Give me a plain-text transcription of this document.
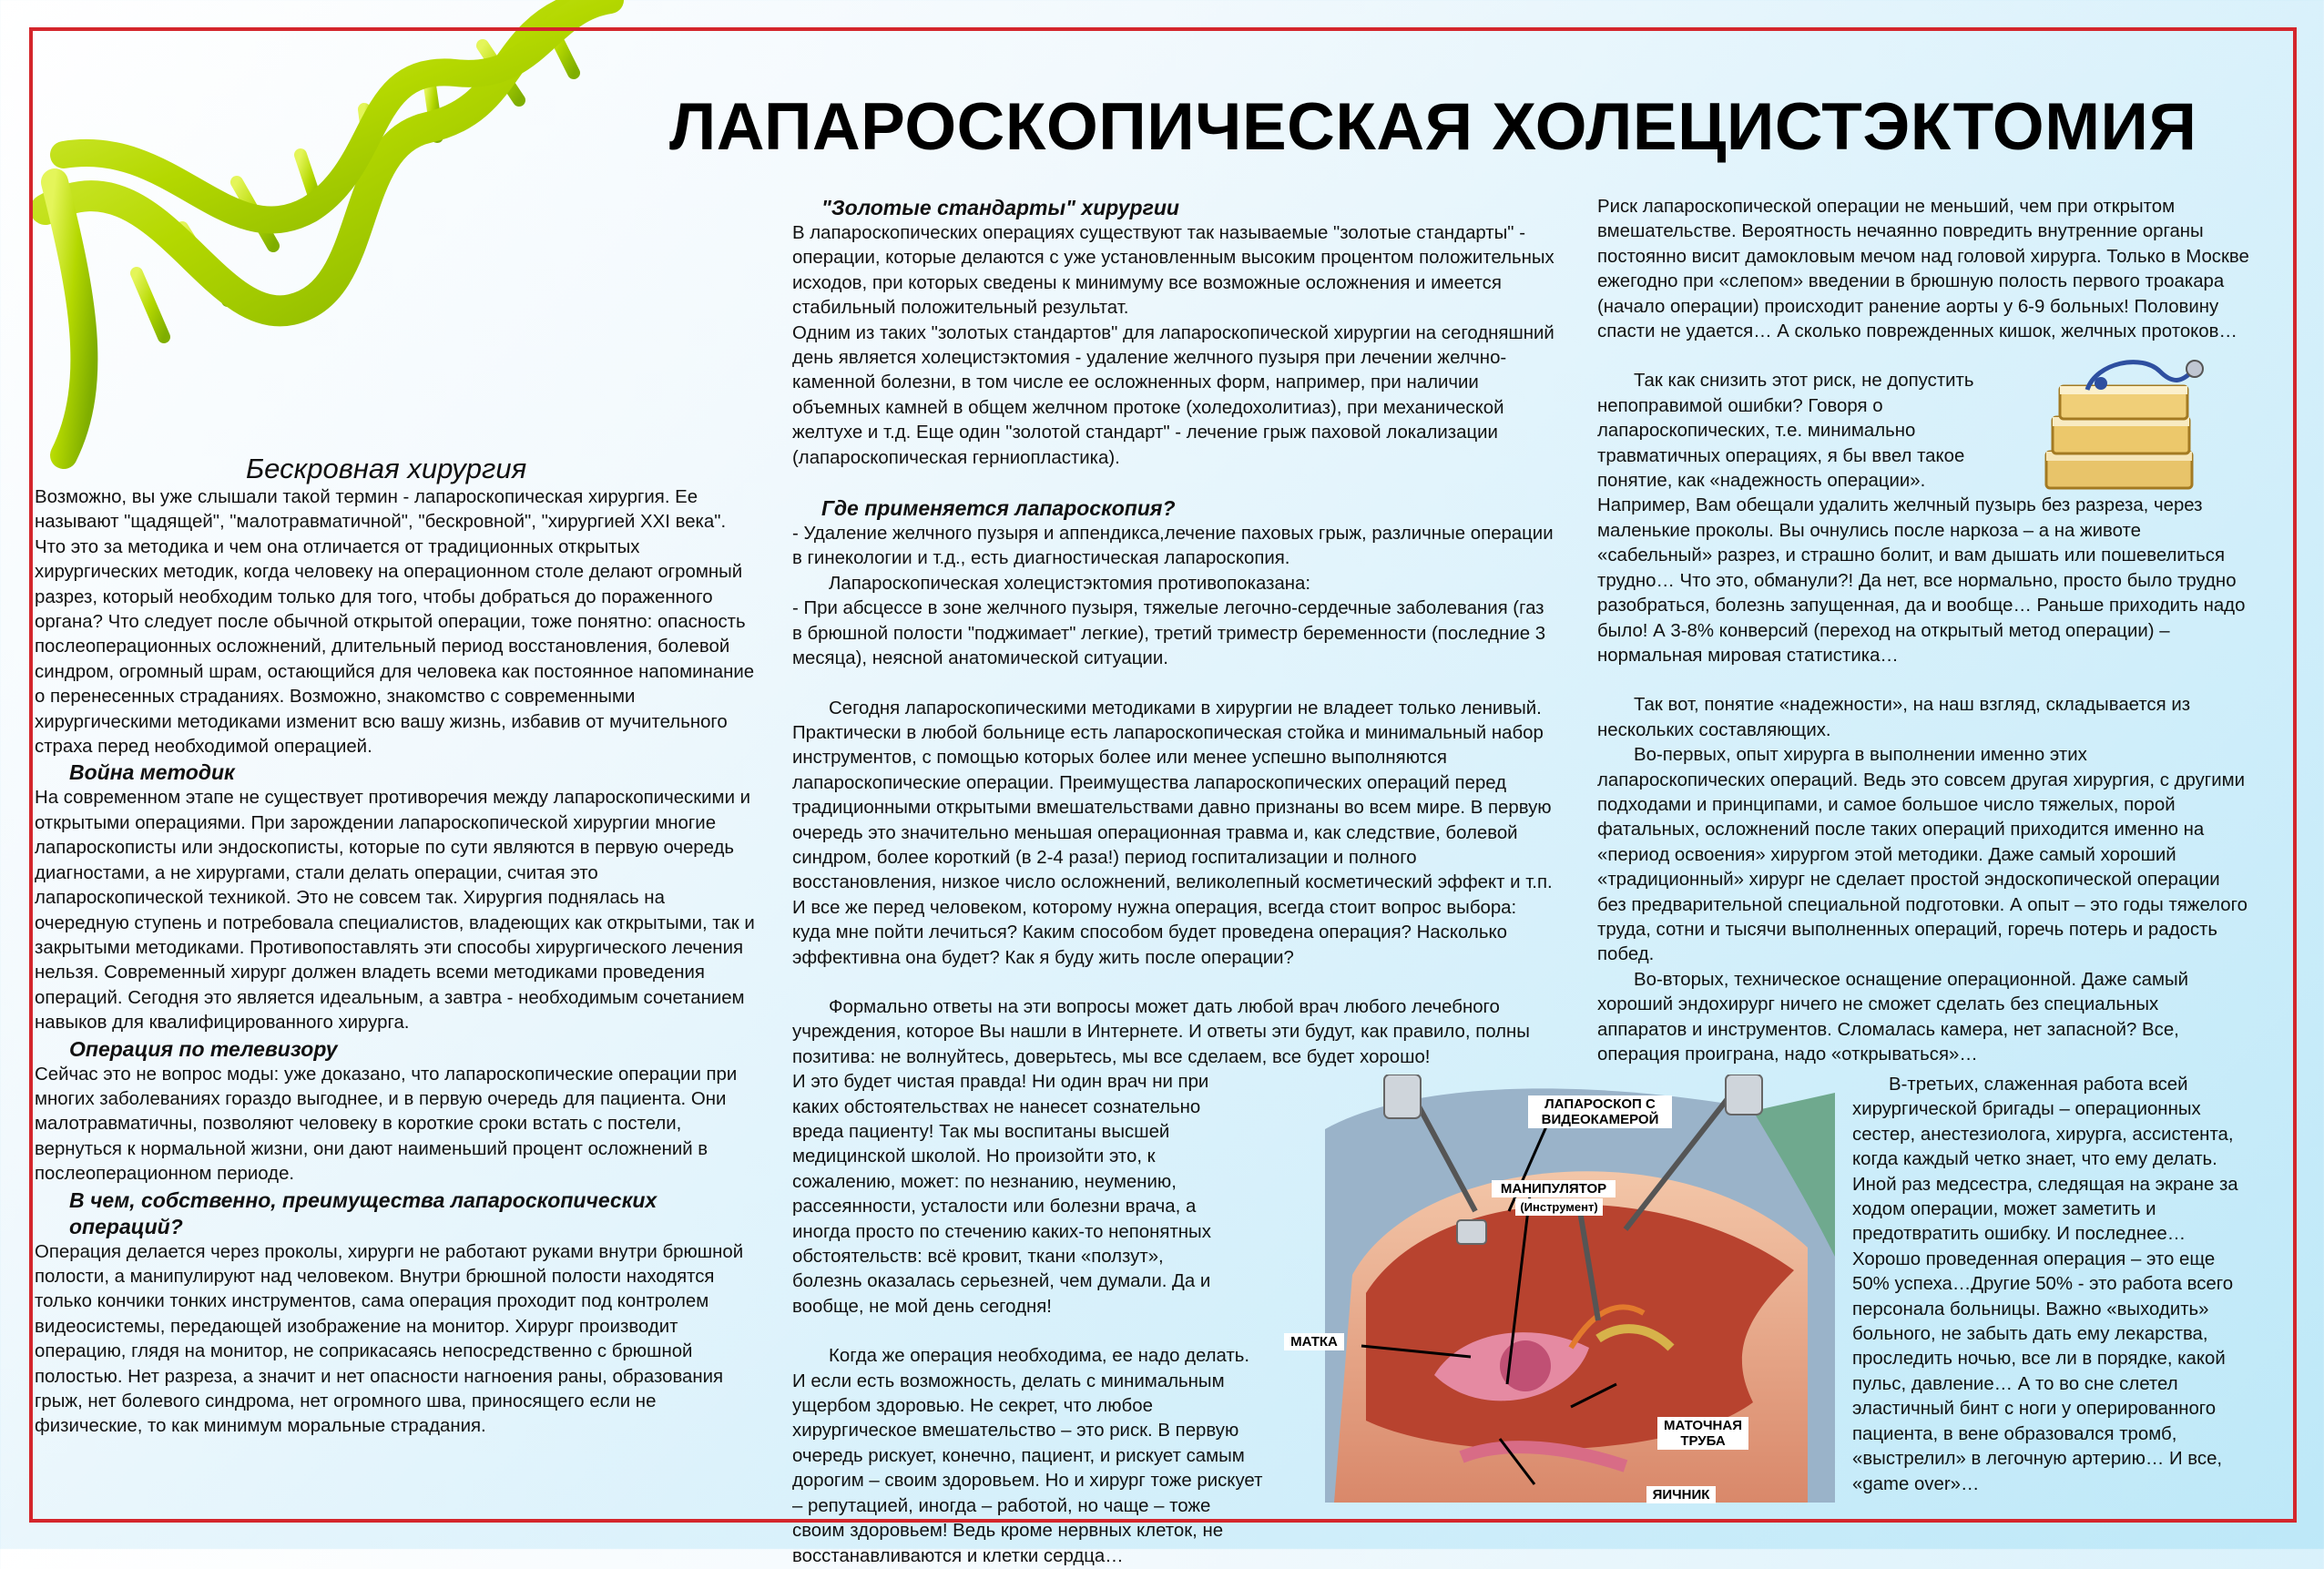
ЛАПАРОСКОПИЧЕСКАЯ ХОЛЕЦИСТЭКТОМИЯ
Бескровная хирургия

Возможно, вы уже слышали такой термин - лапароскопическая хирургия. Ее называют "щадящей", "малотравматичной", "бескровной", "хирургией XXI века". Что это за методика и чем она отличается от традиционных открытых хирургических методик, когда человеку на операционном столе делают огромный разрез, который необходим только для того, чтобы добраться до пораженного органа? Что следует после обычной открытой операции, тоже понятно: опасность послеоперационных осложнений, длительный период восстановления, болевой синдром, огромный шрам, остающийся для человека как постоянное напоминание о перенесенных страданиях. Возможно, знакомство с современными хирургическими методиками изменит всю вашу жизнь, избавив от мучительного страха перед необходимой операцией.

Война методик

На современном этапе не существует противоречия между лапароскопическими и открытыми операциями. При зарождении лапароскопической хирургии многие лапароскописты или эндоскописты, которые по сути являются в первую очередь диагностами, а не хирургами, стали делать операции, считая это лапароскопической техникой. Это не совсем так. Хирургия поднялась на очередную ступень и потребовала специалистов, владеющих как открытыми, так и закрытыми методиками. Противопоставлять эти способы хирургического лечения нельзя. Современный хирург должен владеть всеми методиками проведения операций. Сегодня это является идеальным, а завтра - необходимым сочетанием навыков для квалифицированного хирурга.

Операция по телевизору

Сейчас это не вопрос моды: уже доказано, что лапароскопические операции при многих заболеваниях гораздо выгоднее, и в первую очередь для пациента. Они малотравматичны, позволяют человеку в короткие сроки встать с постели, вернуться к нормальной жизни, они дают наименьший процент осложнений в послеоперационном периоде.

В чем, собственно, преимущества лапароскопических операций?

Операция делается через проколы, хирурги не работают руками внутри брюшной полости, а манипулируют над человеком. Внутри брюшной полости находятся только кончики тонких инструментов, сама операция проходит под контролем видеосистемы, передающей изображение на монитор. Хирург производит операцию, глядя на монитор, не соприкасаясь непосредственно с брюшной полостью. Нет разреза, а значит и нет опасности нагноения раны, образования грыж, нет болевого синдрома, нет огромного шва, приносящего если не физические, то как минимум моральные страдания.

"Золотые стандарты" хирургии

В лапароскопических операциях существуют так называемые "золотые стандарты" - операции, которые делаются с уже установленным высоким процентом положительных исходов, при которых сведены к минимуму все возможные осложнения и имеется стабильный положительный результат.

Одним из таких "золотых стандартов" для лапароскопической хирургии на сегодняшний день является холецистэктомия - удаление желчного пузыря при лечении желчно-каменной болезни, в том числе ее осложненных форм, например, при наличии объемных камней в общем желчном протоке (холедохолитиаз), при механической желтухе и т.д. Еще один "золотой стандарт" - лечение грыж паховой локализации (лапароскопическая герниопластика).

Где применяется лапароскопия?

- Удаление желчного пузыря и аппендикса,лечение паховых грыж, различные операции в гинекологии и т.д., есть диагностическая лапароскопия.

Лапароскопическая холецистэктомия противопоказана:

- При абсцессе в зоне желчного пузыря, тяжелые легочно-сердечные заболевания (газ в брюшной полости "поджимает" легкие), третий триместр беременности (последние 3 месяца), неясной анатомической ситуации.

Сегодня лапароскопическими методиками в хирургии не владеет только ленивый. Практически в любой больнице есть лапароскопическая стойка и минимальный набор инструментов, с помощью которых более или менее успешно выполняются лапароскопические операции. Преимущества лапароскопических операций перед традиционными открытыми вмешательствами давно признаны во всем мире. В первую очередь это значительно меньшая операционная травма и, как следствие, болевой синдром, более короткий (в 2-4 раза!) период госпитализации и полного восстановления, низкое число осложнений, великолепный косметический эффект и т.п. И все же перед человеком, которому нужна операция, всегда стоит вопрос выбора: куда мне пойти лечиться? Каким способом будет проведена операция? Насколько эффективна она будет? Как я буду жить после операции?

Формально ответы на эти вопросы может дать любой врач любого лечебного учреждения, которое Вы нашли в Интернете. И ответы эти будут, как правило, полны позитива: не волнуйтесь, доверьтесь, мы все сделаем, все будет хорошо!

И это будет чистая правда! Ни один врач ни при каких обстоятельствах не нанесет сознательно вреда пациенту! Так мы воспитаны высшей медицинской школой. Но произойти это, к сожалению, может: по незнанию, неумению, рассеянности, усталости или болезни врача, а иногда просто по стечению каких-то непонятных обстоятельств: всё кровит, ткани «ползут», болезнь оказалась серьезней, чем думали. Да и вообще, не мой день сегодня!

Когда же операция необходима, ее надо делать. И если есть возможность, делать с минимальным ущербом здоровью. Не секрет, что любое хирургическое вмешательство – это риск. В первую очередь рискует, конечно, пациент, и рискует самым дорогим – своим здоровьем. Но и хирург тоже рискует – репутацией, иногда – работой, но чаще – тоже своим здоровьем! Ведь кроме нервных клеток, не восстанавливаются и клетки сердца…

Риск лапароскопической операции не меньший, чем при открытом вмешательстве. Вероятность нечаянно повредить внутренние органы постоянно висит дамокловым мечом над головой хирурга. Только в Москве ежегодно при «слепом» введении в брюшную полость первого троакара (начало операции) происходит ранение аорты у 6-9 больных! Половину спасти не удается… А сколько поврежденных кишок, желчных протоков…

Так как снизить этот риск, не допустить непоправимой ошибки? Говоря о лапароскопических, т.е. минимально травматичных операциях, я бы ввел такое понятие, как «надежность операции».

Например, Вам обещали удалить желчный пузырь без разреза, через маленькие проколы. Вы очнулись после наркоза – а на животе «сабельный» разрез, и страшно болит, и вам дышать или пошевелиться трудно… Что это, обманули?! Да нет, все нормально, просто было трудно разобраться, болезнь запущенная, да и вообще… Раньше приходить надо было! А 3-8% конверсий (переход на открытый метод операции) – нормальная мировая статистика…

Так вот, понятие «надежности», на наш взгляд, складывается из нескольких составляющих.

Во-первых, опыт хирурга в выполнении именно этих лапароскопических операций. Ведь это совсем другая хирургия, с другими подходами и принципами, и самое большое число тяжелых, порой фатальных, осложнений после таких операций приходится именно на «период освоения» хирургом этой методики. Даже самый хороший «традиционный» хирург не сделает простой эндоскопической операции без предварительной специальной подготовки. А опыт – это годы тяжелого труда, сотни и тысячи выполненных операций, горечь потерь и радость побед.

Во-вторых, техническое оснащение операционной. Даже самый хороший эндохирург ничего не сможет сделать без специальных аппаратов и инструментов. Сломалась камера, нет запасной? Все, операция проиграна, надо «открываться»…

В-третьих, слаженная работа всей хирургической бригады – операционных сестер, анестезиолога, хирурга, ассистента, когда каждый четко знает, что ему делать. Иной раз медсестра, следящая на экране за ходом операции, может заметить и предотвратить ошибку. И последнее… Хорошо проведенная операция – это еще 50% успеха…Другие 50% - это работа всего персонала больницы. Важно «выходить» больного, не забыть дать ему лекарства, проследить ночью, все ли в порядке, какой пульс, давление… А то во сне слетел эластичный бинт с ноги у оперированного пациента, в вене образовался тромб, «выстрелил» в легочную артерию… И все, «game over»…

ЛАПАРОСКОП С ВИДЕОКАМЕРОЙ
МАНИПУЛЯТОР
(Инструмент)
МАТКА
МАТОЧНАЯ ТРУБА
ЯИЧНИК
